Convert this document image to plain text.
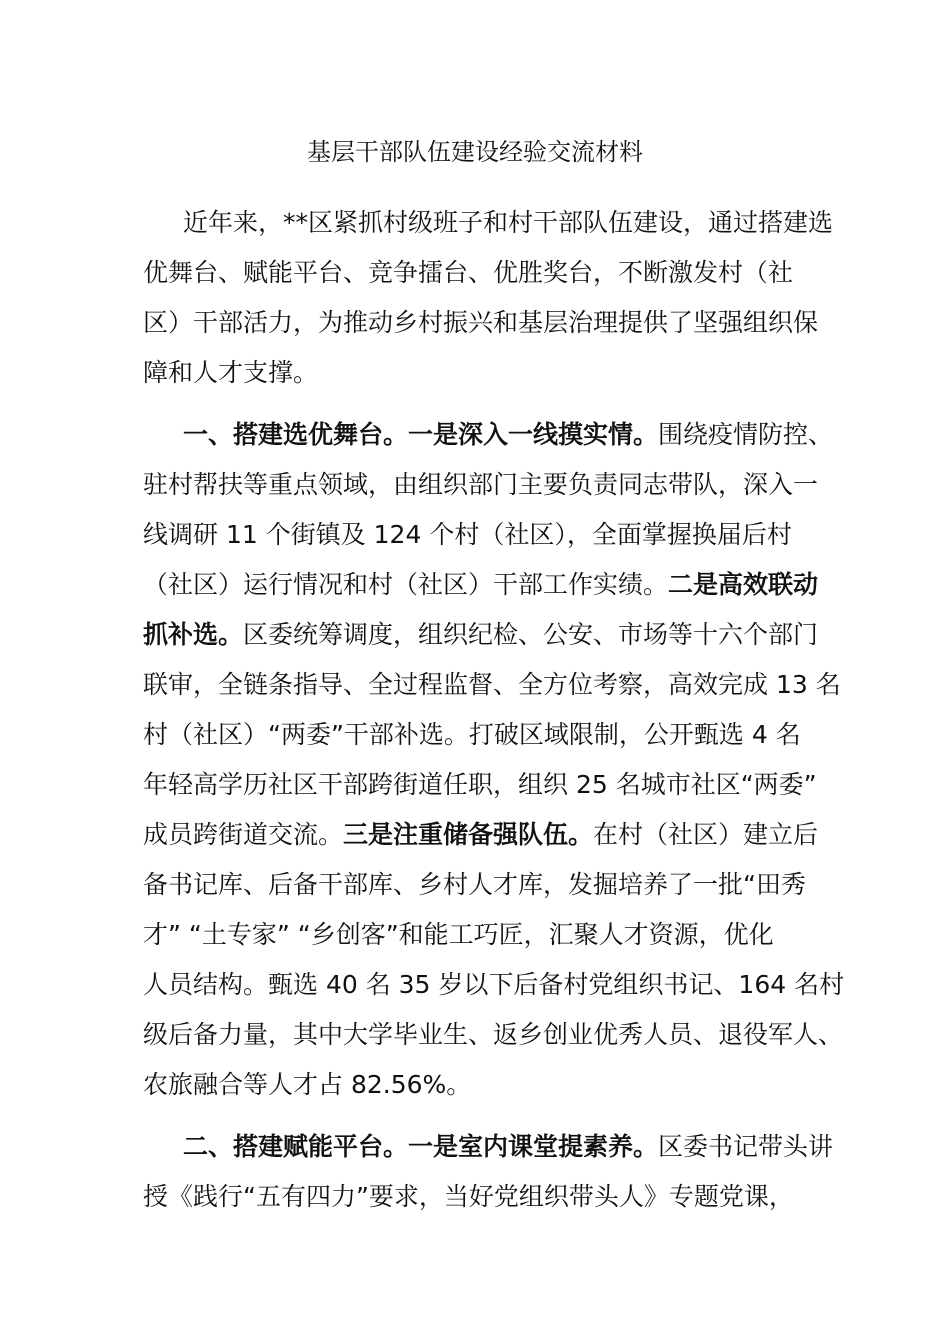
基层干部队伍建设经验交流材料
近年来，**区紧抓村级班子和村干部队伍建设，通过搭建选
优舞台、赋能平台、竞争擂台、优胜奖台，不断激发村（社
区）干部活力，为推动乡村振兴和基层治理提供了坚强组织保
障和人才支撑。
一、搭建选优舞台。一是深入一线摸实情。围绕疫情防控、
驻村帮扶等重点领域，由组织部门主要负责同志带队，深入一
线调研 11 个街镇及 124 个村（社区），全面掌握换届后村
（社区）运行情况和村（社区）干部工作实绩。二是高效联动
抓补选。区委统筹调度，组织纪检、公安、市场等十六个部门
联审，全链条指导、全过程监督、全方位考察，高效完成 13 名
村（社区）“两委”干部补选。打破区域限制，公开甄选 4 名
年轻高学历社区干部跨街道任职，组织 25 名城市社区“两委”
成员跨街道交流。三是注重储备强队伍。在村（社区）建立后
备书记库、后备干部库、乡村人才库，发掘培养了一批“田秀
才” “土专家” “乡创客”和能工巧匠，汇聚人才资源，优化
人员结构。甄选 40 名 35 岁以下后备村党组织书记、164 名村
级后备力量，其中大学毕业生、返乡创业优秀人员、退役军人、
农旅融合等人才占 82.56%。
二、搭建赋能平台。一是室内课堂提素养。区委书记带头讲
授《践行“五有四力”要求，当好党组织带头人》专题党课，
